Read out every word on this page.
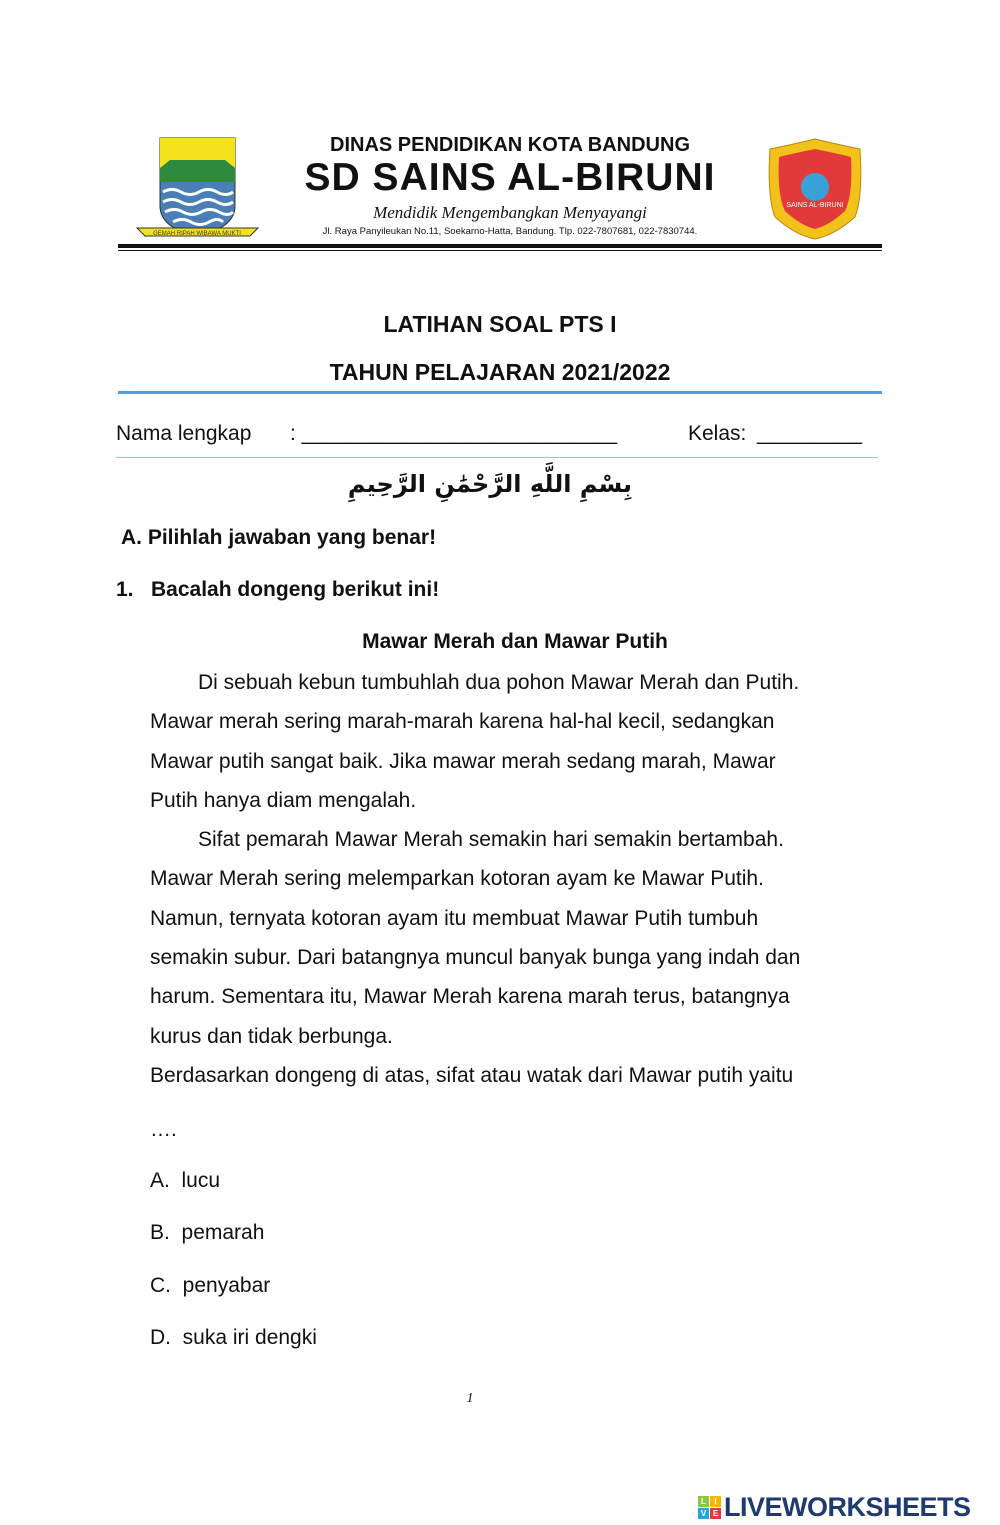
GEMAH RIPAH WIBAWA MUKTI
DINAS PENDIDIKAN KOTA BANDUNG
SD SAINS AL-BIRUNI
Mendidik Mengembangkan Menyayangi
Jl. Raya Panyileukan No.11, Soekarno-Hatta, Bandung. Tlp. 022-7807681, 022-7830744.
SAINS AL-BIRUNI
LATIHAN SOAL PTS I
TAHUN PELAJARAN 2021/2022
Nama lengkap : ___________________________	Kelas: _________
بِسْمِ اللَّهِ الرَّحْمَٰنِ الرَّحِيمِ
A. Pilihlah jawaban yang benar!
1. Bacalah dongeng berikut ini!
Mawar Merah dan Mawar Putih
Di sebuah kebun tumbuhlah dua pohon Mawar Merah dan Putih.
Mawar merah sering marah-marah karena hal-hal kecil, sedangkan
Mawar putih sangat baik. Jika mawar merah sedang marah, Mawar
Putih hanya diam mengalah.
Sifat pemarah Mawar Merah semakin hari semakin bertambah.
Mawar Merah sering melemparkan kotoran ayam ke Mawar Putih.
Namun, ternyata kotoran ayam itu membuat Mawar Putih tumbuh
semakin subur. Dari batangnya muncul banyak bunga yang indah dan
harum. Sementara itu, Mawar Merah karena marah terus, batangnya
kurus dan tidak berbunga.
Berdasarkan dongeng di atas, sifat atau watak dari Mawar putih yaitu
….
A. lucu
B. pemarah
C. penyabar
D. suka iri dengki
1
L	I
V E LIVEWORKSHEETS
